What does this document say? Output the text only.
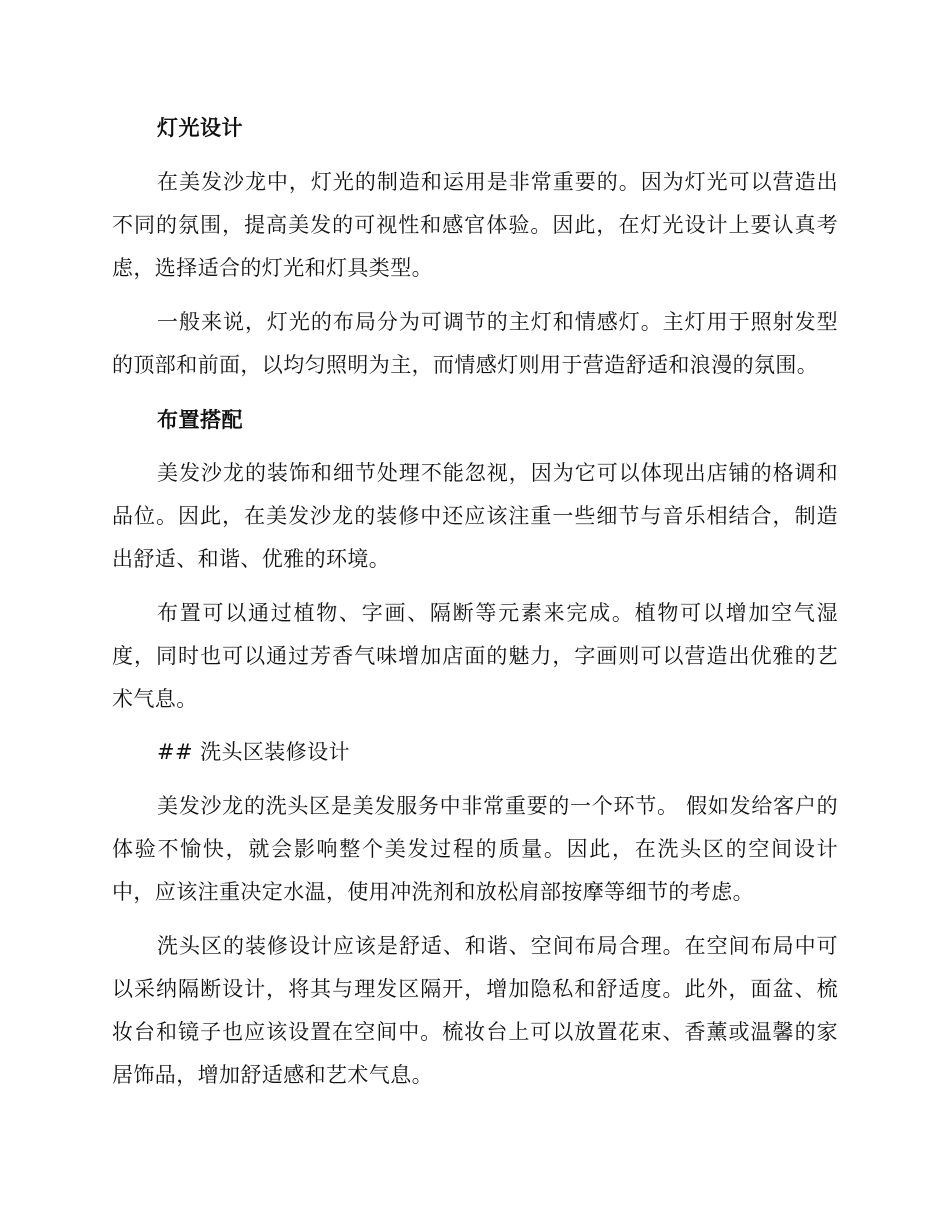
灯光设计
在美发沙龙中，灯光的制造和运用是非常重要的。因为灯光可以营造出不同的氛围，提高美发的可视性和感官体验。因此，在灯光设计上要认真考虑，选择适合的灯光和灯具类型。
一般来说，灯光的布局分为可调节的主灯和情感灯。主灯用于照射发型的顶部和前面，以均匀照明为主，而情感灯则用于营造舒适和浪漫的氛围。
布置搭配
美发沙龙的装饰和细节处理不能忽视，因为它可以体现出店铺的格调和品位。因此，在美发沙龙的装修中还应该注重一些细节与音乐相结合，制造出舒适、和谐、优雅的环境。
布置可以通过植物、字画、隔断等元素来完成。植物可以增加空气湿度，同时也可以通过芳香气味增加店面的魅力，字画则可以营造出优雅的艺术气息。
## 洗头区装修设计
美发沙龙的洗头区是美发服务中非常重要的一个环节。 假如发给客户的体验不愉快，就会影响整个美发过程的质量。因此，在洗头区的空间设计中，应该注重决定水温，使用冲洗剂和放松肩部按摩等细节的考虑。
洗头区的装修设计应该是舒适、和谐、空间布局合理。在空间布局中可以采纳隔断设计，将其与理发区隔开，增加隐私和舒适度。此外，面盆、梳妆台和镜子也应该设置在空间中。梳妆台上可以放置花束、香薰或温馨的家居饰品，增加舒适感和艺术气息。
